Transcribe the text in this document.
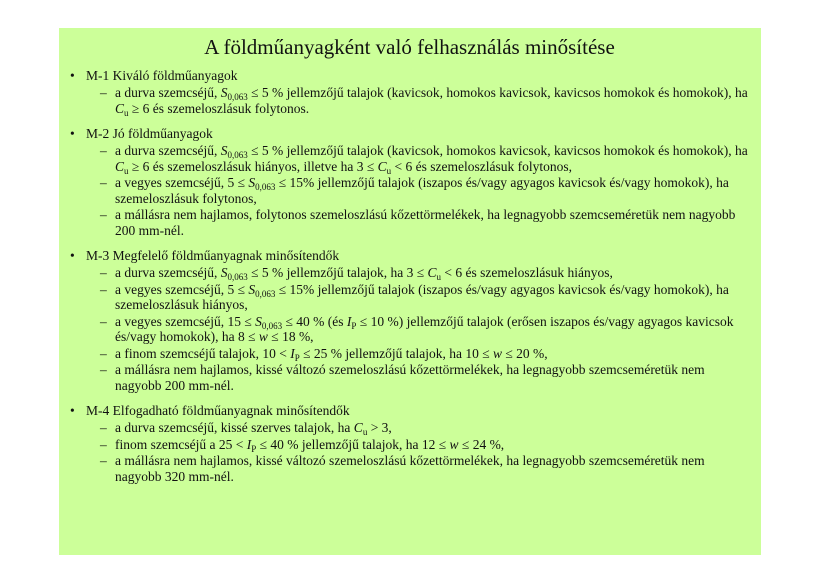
A földműanyagként való felhasználás minősítése
• M-1 Kiváló földműanyagok
– a durva szemcséjű, $S_{0,063} \le 5$ % jellemzőjű talajok (kavicsok, homokos kavicsok, kavicsos homokok és homokok), ha $C_u \ge 6$ és szemeloszlásuk folytonos.
• M-2 Jó földműanyagok
– a durva szemcséjű, $S_{0,063} \le 5$ % jellemzőjű talajok (kavicsok, homokos kavicsok, kavicsos homokok és homokok), ha $C_u \ge 6$ és szemeloszlásuk hiányos, illetve ha $3 \le C_u < 6$ és szemeloszlásuk folytonos,
– a vegyes szemcséjű, $5 \le S_{0,063} \le 15\%$ jellemzőjű talajok (iszapos és/vagy agyagos kavicsok és/vagy homokok), ha szemeloszlásuk folytonos,
– a mállásra nem hajlamos, folytonos szemeloszlású kőzettörmelékek, ha legnagyobb szemcseméretük nem nagyobb 200 mm-nél.
• M-3 Megfelelő földműanyagnak minősítendők
– a durva szemcséjű, $S_{0,063} \le 5$ % jellemzőjű talajok, ha $3 \le C_u < 6$ és szemeloszlásuk hiányos,
– a vegyes szemcséjű, $5 \le S_{0,063} \le 15\%$ jellemzőjű talajok (iszapos és/vagy agyagos kavicsok és/vagy homokok), ha szemeloszlásuk hiányos,
– a vegyes szemcséjű, $15 \le S_{0,063} \le 40$ % (és $I_P \le 10$ %) jellemzőjű talajok (erősen iszapos és/vagy agyagos kavicsok és/vagy homokok), ha 8 ≤ w ≤ 18 %,
– a finom szemcséjű talajok, $10 < I_P \le 25$ % jellemzőjű talajok, ha 10 ≤ w ≤ 20 %,
– a mállásra nem hajlamos, kissé változó szemeloszlású kőzettörmelékek, ha legnagyobb szemcseméretük nem nagyobb 200 mm-nél.
• M-4 Elfogadható földműanyagnak minősítendők
– a durva szemcséjű, kissé szerves talajok, ha $C_u > 3$,
– finom szemcséjű a $25 < I_P \le 40$ % jellemzőjű talajok, ha 12 ≤ w ≤ 24 %,
– a mállásra nem hajlamos, kissé változó szemeloszlású kőzettörmelékek, ha legnagyobb szemcseméretük nem nagyobb 320 mm-nél.
